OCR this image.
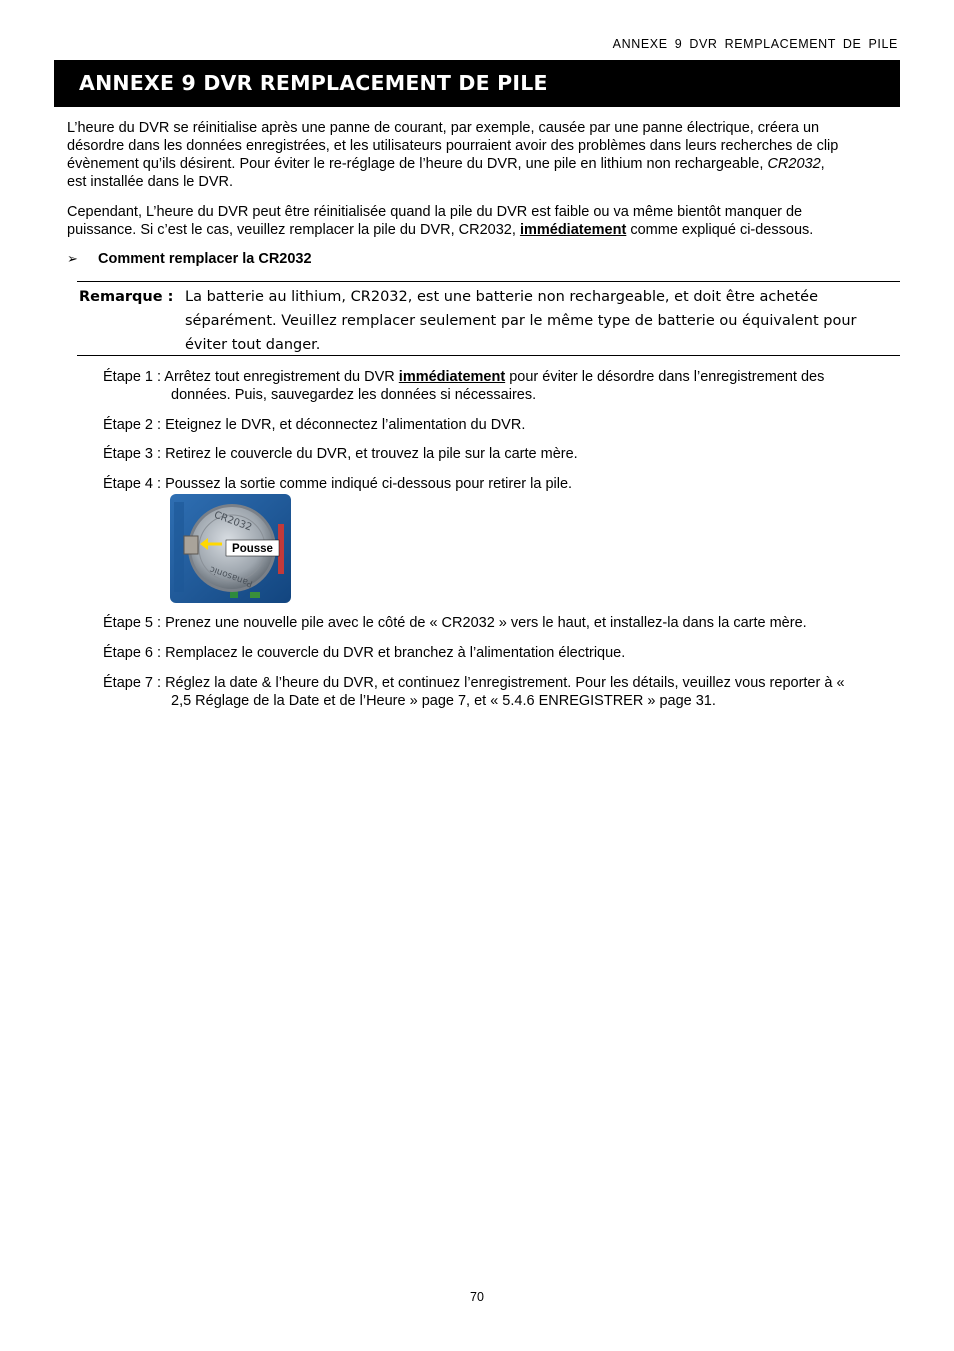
ANNEXE 9 DVR REMPLACEMENT DE PILE
ANNEXE 9 DVR REMPLACEMENT DE PILE
L’heure du DVR se réinitialise après une panne de courant, par exemple, causée par une panne électrique, créera un
désordre dans les données enregistrées, et les utilisateurs pourraient avoir des problèmes dans leurs recherches de clip
évènement qu’ils désirent. Pour éviter le re-réglage de l’heure du DVR, une pile en lithium non rechargeable, CR2032,
est installée dans le DVR.
Cependant, L’heure du DVR peut être réinitialisée quand la pile du DVR est faible ou va même bientôt manquer de
puissance. Si c’est le cas, veuillez remplacer la pile du DVR, CR2032, immédiatement comme expliqué ci-dessous.
➢ Comment remplacer la CR2032
Remarque : La batterie au lithium, CR2032, est une batterie non rechargeable, et doit être achetée
séparément. Veuillez remplacer seulement par le même type de batterie ou équivalent pour
éviter tout danger.
Étape 1 : Arrêtez tout enregistrement du DVR immédiatement pour éviter le désordre dans l’enregistrement des
données. Puis, sauvegardez les données si nécessaires.
Étape 2 : Eteignez le DVR, et déconnectez l’alimentation du DVR.
Étape 3 : Retirez le couvercle du DVR, et trouvez la pile sur la carte mère.
Étape 4 : Poussez la sortie comme indiqué ci-dessous pour retirer la pile.
CR2032
Panasonic
Pousse
Étape 5 : Prenez une nouvelle pile avec le côté de « CR2032 » vers le haut, et installez-la dans la carte mère.
Étape 6 : Remplacez le couvercle du DVR et branchez à l’alimentation électrique.
Étape 7 : Réglez la date & l’heure du DVR, et continuez l’enregistrement. Pour les détails, veuillez vous reporter à «
2,5 Réglage de la Date et de l’Heure » page 7, et « 5.4.6 ENREGISTRER » page 31.
70
